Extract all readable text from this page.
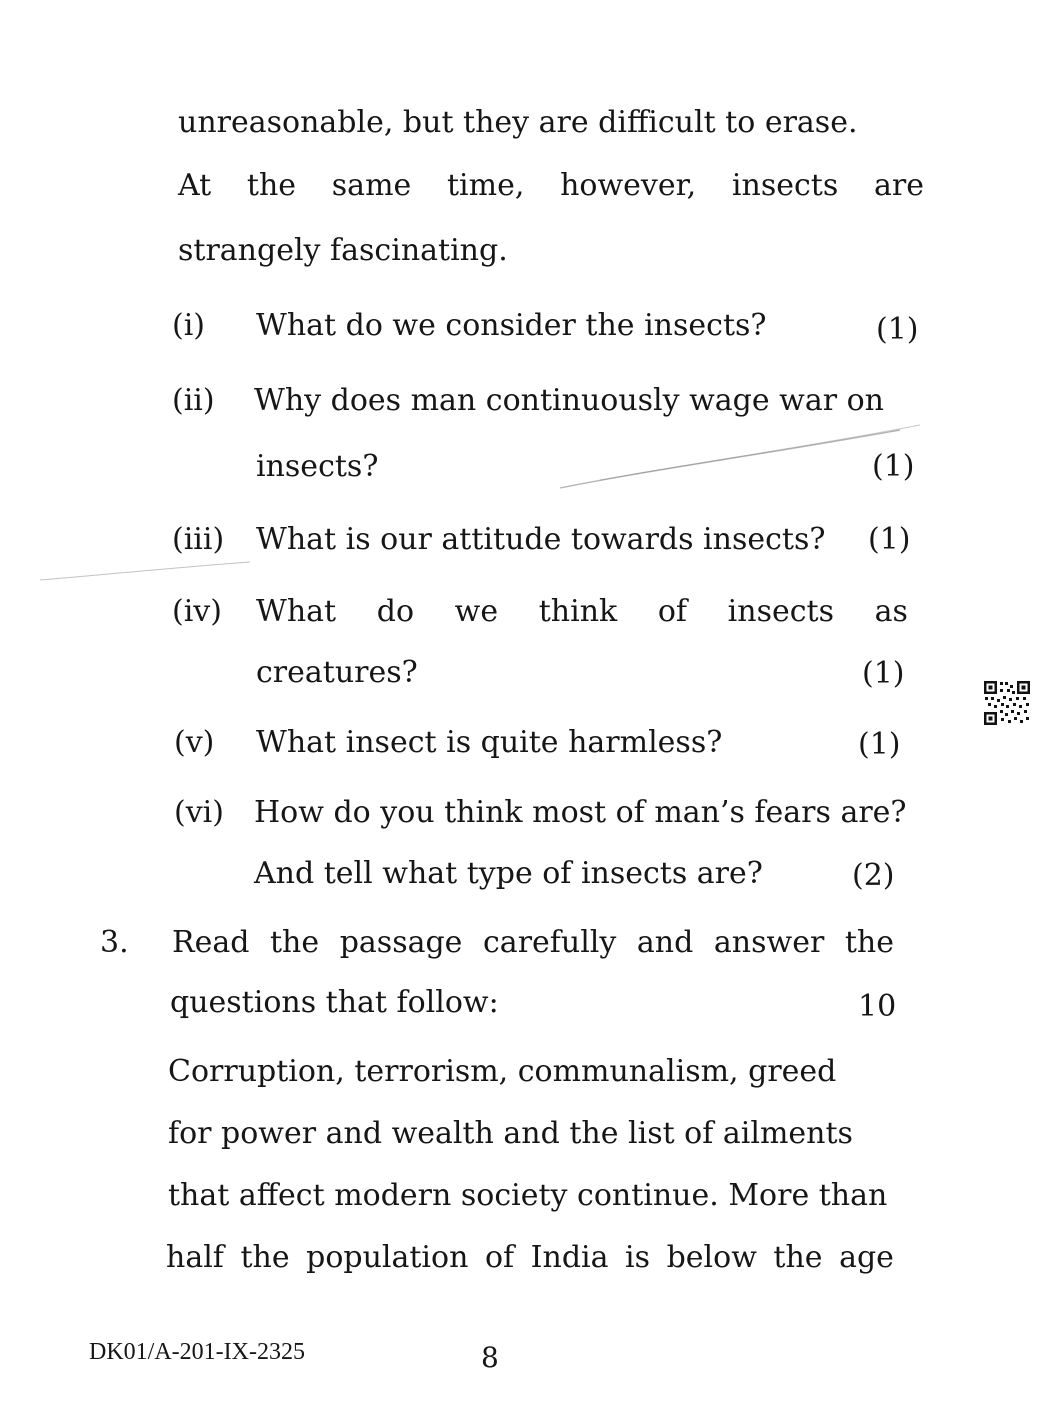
unreasonable, but they are difficult to erase.
At the same time, however, insects are
strangely fascinating.
(i) What do we consider the insects?	(1)
(ii) Why does man continuously wage war on
insects?	(1)
(iii) What is our attitude towards insects? (1)
(iv) What do we think of insects as
creatures?	(1)
(v) What insect is quite harmless?	(1)
(vi) How do you think most of man’s fears are?
And tell what type of insects are?	(2)
3. Read the passage carefully and answer the
questions that follow:	10
Corruption, terrorism, communalism, greed
for power and wealth and the list of ailments
that affect modern society continue. More than
half the population of India is below the age
DK01/A-201-IX-2325	8
